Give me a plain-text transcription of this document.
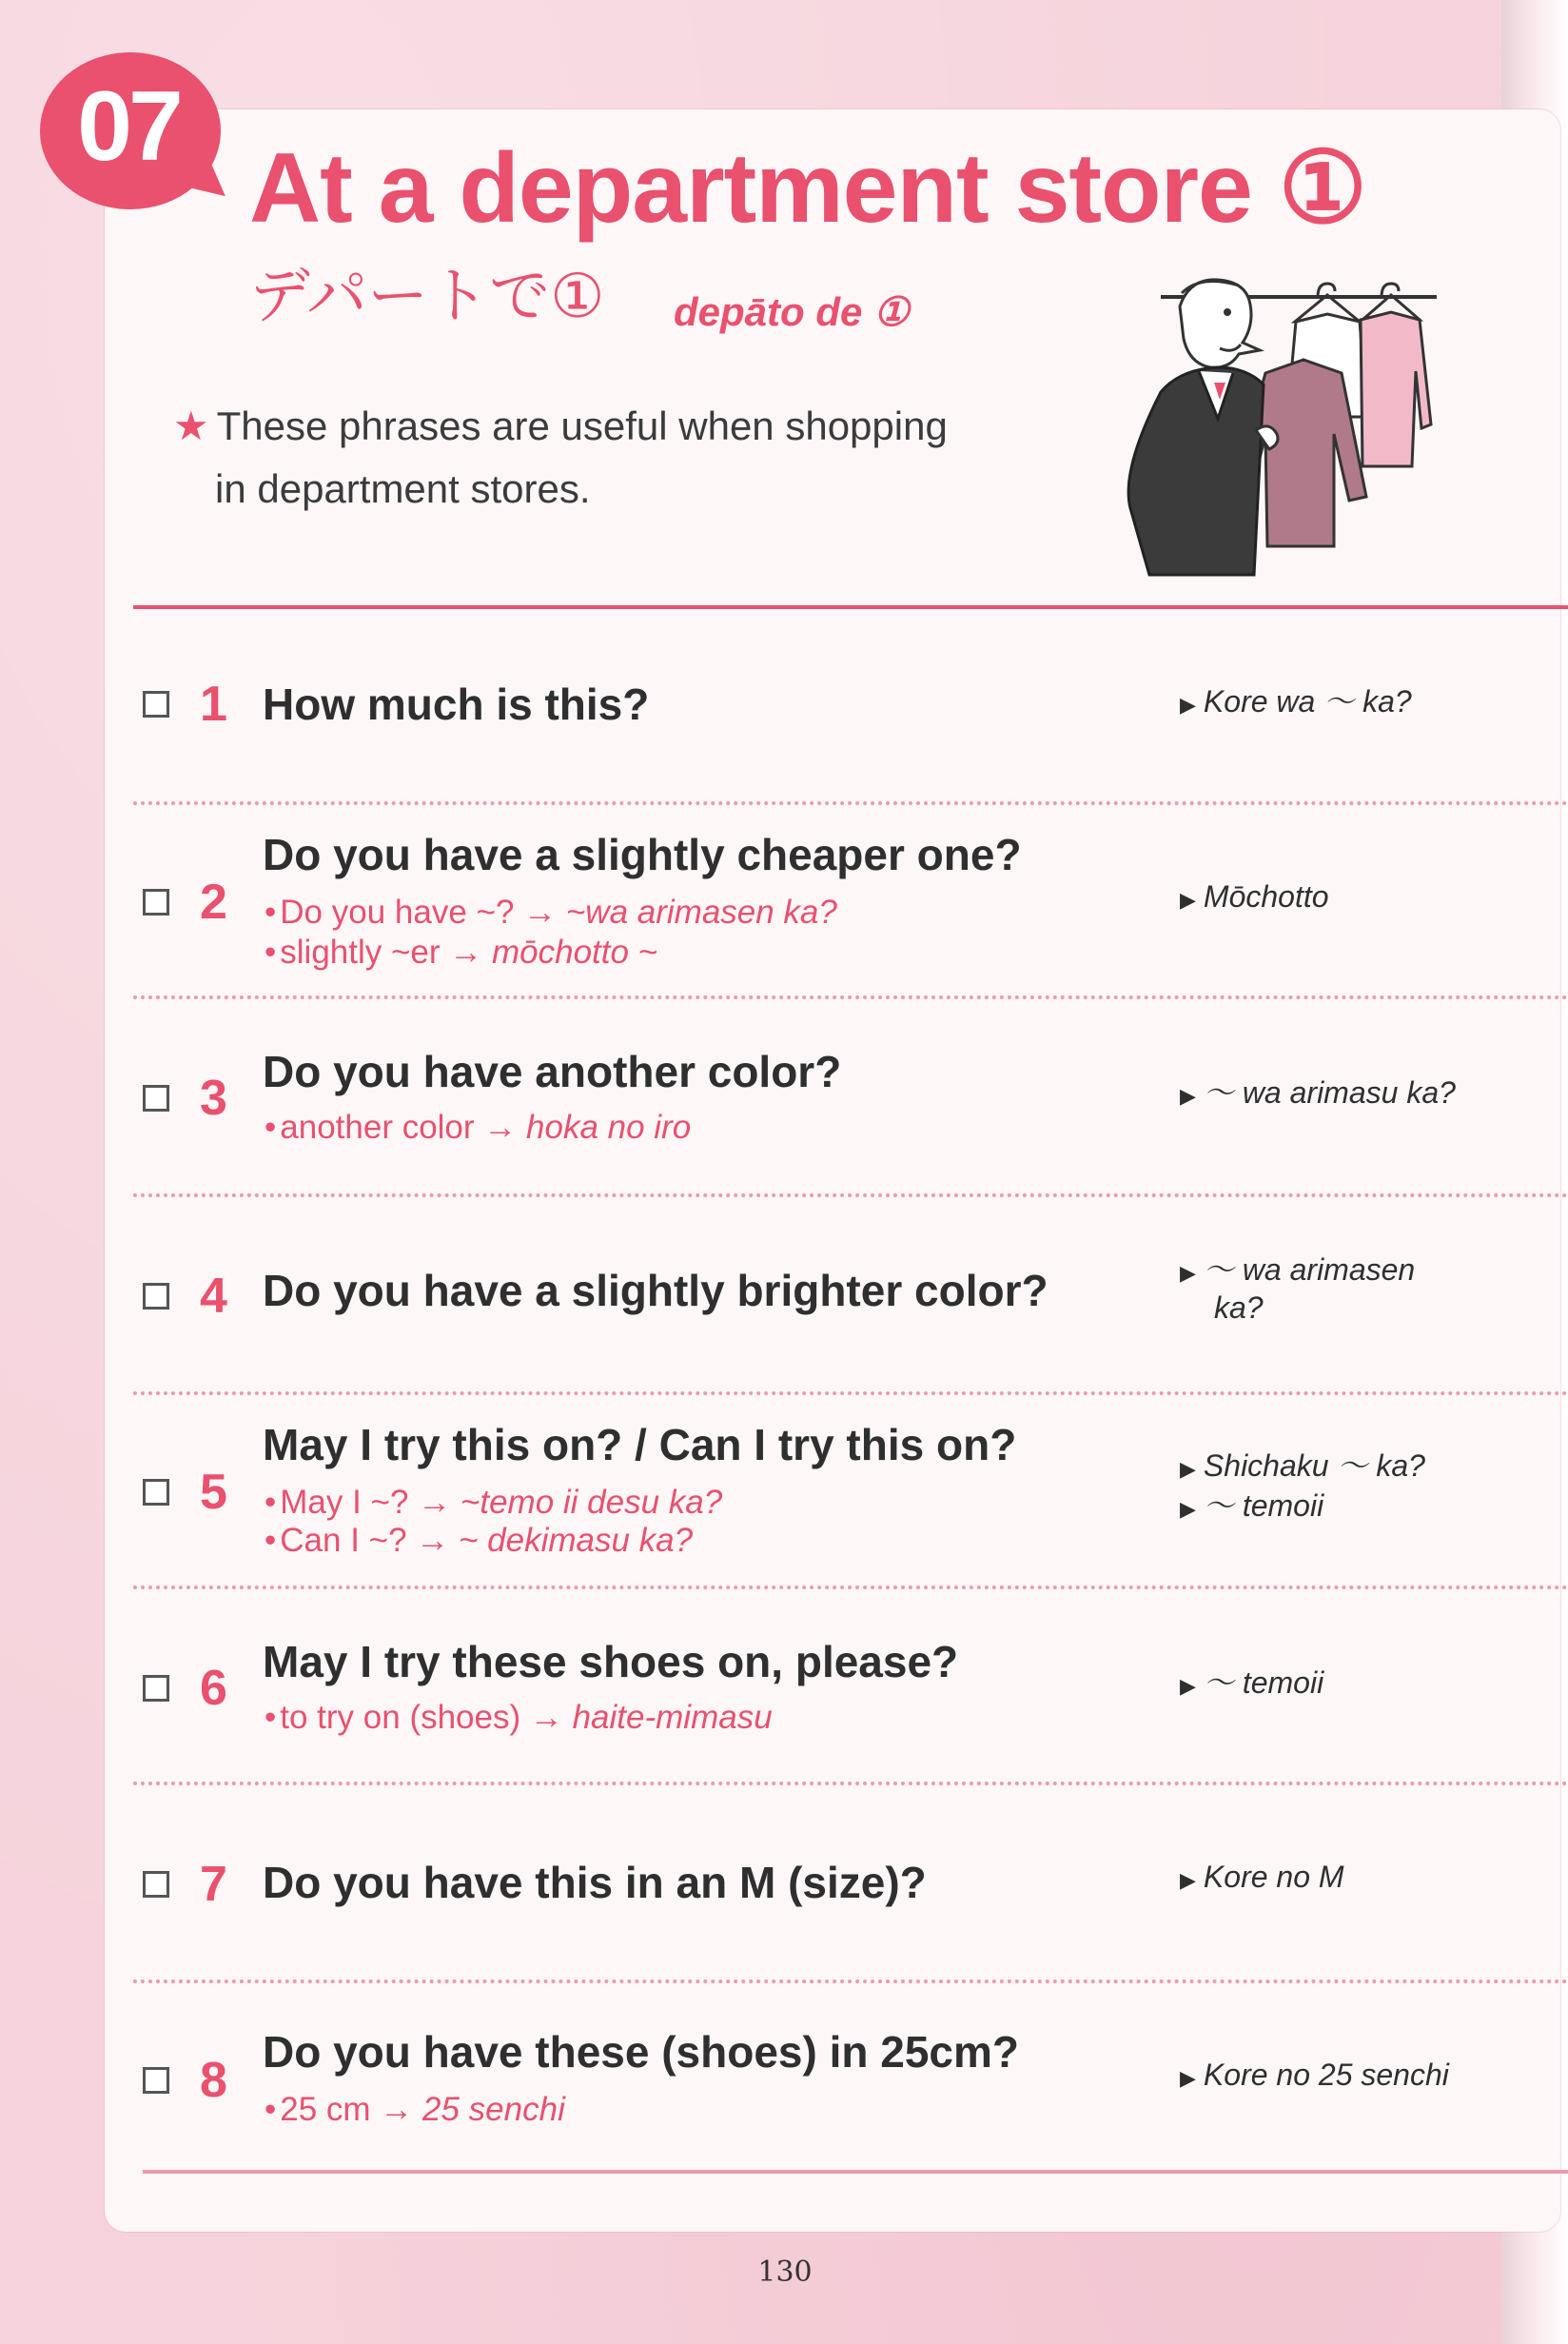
07
At a department store ①
デパートで① depāto de ①
★ These phrases are useful when shopping
in department stores.
1 How much is this?	▶ Kore wa 〜 ka?
2
Do you have a slightly cheaper one?
• Do you have ~? → ~wa arimasen ka?
• slightly ~er → mōchotto ~
▶ Mōchotto
3 Do you have another color?
• another color → hoka no iro
▶ 〜 wa arimasu ka?
4 Do you have a slightly brighter color?	▶ 〜 wa arimasen
ka?
5
May I try this on? / Can I try this on?
• May I ~? → ~temo ii desu ka?
• Can I ~? → ~ dekimasu ka?
▶ Shichaku 〜 ka?
▶ 〜 temoii
6 May I try these shoes on, please?
• to try on (shoes) → haite-mimasu
▶ 〜 temoii
7 Do you have this in an M (size)?	▶ Kore no M
8
Do you have these (shoes) in 25cm?
• 25 cm → 25 senchi
▶ Kore no 25 senchi
130
